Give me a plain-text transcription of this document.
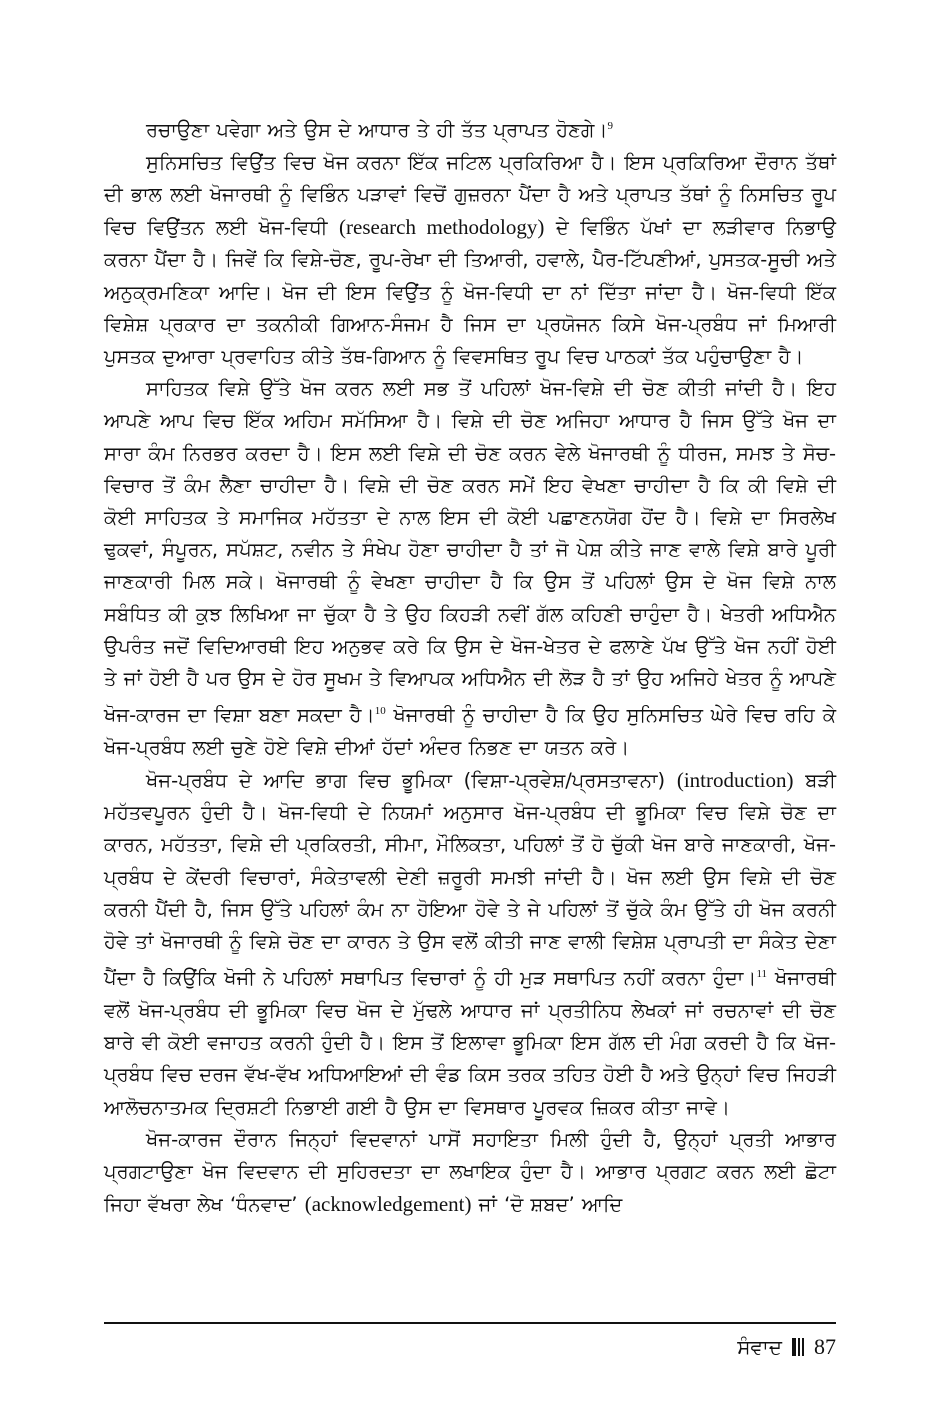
ਰਚਾਉਣਾ ਪਵੇਗਾ ਅਤੇ ਉਸ ਦੇ ਆਧਾਰ ਤੇ ਹੀ ਤੱਤ ਪ੍ਰਾਪਤ ਹੋਣਗੇ।$^9$

ਸੁਨਿਸਚਿਤ ਵਿਉਂਤ ਵਿਚ ਖੋਜ ਕਰਨਾ ਇੱਕ ਜਟਿਲ ਪ੍ਰਕਿਰਿਆ ਹੈ। ਇਸ ਪ੍ਰਕਿਰਿਆ ਦੌਰਾਨ ਤੱਥਾਂ ਦੀ ਭਾਲ ਲਈ ਖੋਜਾਰਥੀ ਨੂੰ ਵਿਭਿੰਨ ਪੜਾਵਾਂ ਵਿਚੋਂ ਗੁਜ਼ਰਨਾ ਪੈਂਦਾ ਹੈ ਅਤੇ ਪ੍ਰਾਪਤ ਤੱਥਾਂ ਨੂੰ ਨਿਸਚਿਤ ਰੂਪ ਵਿਚ ਵਿਉਂਤਨ ਲਈ ਖੋਜ-ਵਿਧੀ (research methodology) ਦੇ ਵਿਭਿੰਨ ਪੱਖਾਂ ਦਾ ਲੜੀਵਾਰ ਨਿਭਾਉ ਕਰਨਾ ਪੈਂਦਾ ਹੈ। ਜਿਵੇਂ ਕਿ ਵਿਸ਼ੇ-ਚੋਣ, ਰੂਪ-ਰੇਖਾ ਦੀ ਤਿਆਰੀ, ਹਵਾਲੇ, ਪੈਰ-ਟਿੱਪਣੀਆਂ, ਪੁਸਤਕ-ਸੂਚੀ ਅਤੇ ਅਨੁਕ੍ਰਮਣਿਕਾ ਆਦਿ। ਖੋਜ ਦੀ ਇਸ ਵਿਉਂਤ ਨੂੰ ਖੋਜ-ਵਿਧੀ ਦਾ ਨਾਂ ਦਿੱਤਾ ਜਾਂਦਾ ਹੈ। ਖੋਜ-ਵਿਧੀ ਇੱਕ ਵਿਸ਼ੇਸ਼ ਪ੍ਰਕਾਰ ਦਾ ਤਕਨੀਕੀ ਗਿਆਨ-ਸੰਜਮ ਹੈ ਜਿਸ ਦਾ ਪ੍ਰਯੋਜਨ ਕਿਸੇ ਖੋਜ-ਪ੍ਰਬੰਧ ਜਾਂ ਮਿਆਰੀ ਪੁਸਤਕ ਦੁਆਰਾ ਪ੍ਰਵਾਹਿਤ ਕੀਤੇ ਤੱਥ-ਗਿਆਨ ਨੂੰ ਵਿਵਸਥਿਤ ਰੂਪ ਵਿਚ ਪਾਠਕਾਂ ਤੱਕ ਪਹੁੰਚਾਉਣਾ ਹੈ।

ਸਾਹਿਤਕ ਵਿਸ਼ੇ ਉੱਤੇ ਖੋਜ ਕਰਨ ਲਈ ਸਭ ਤੋਂ ਪਹਿਲਾਂ ਖੋਜ-ਵਿਸ਼ੇ ਦੀ ਚੋਣ ਕੀਤੀ ਜਾਂਦੀ ਹੈ। ਇਹ ਆਪਣੇ ਆਪ ਵਿਚ ਇੱਕ ਅਹਿਮ ਸਮੱਸਿਆ ਹੈ। ਵਿਸ਼ੇ ਦੀ ਚੋਣ ਅਜਿਹਾ ਆਧਾਰ ਹੈ ਜਿਸ ਉੱਤੇ ਖੋਜ ਦਾ ਸਾਰਾ ਕੰਮ ਨਿਰਭਰ ਕਰਦਾ ਹੈ। ਇਸ ਲਈ ਵਿਸ਼ੇ ਦੀ ਚੋਣ ਕਰਨ ਵੇਲੇ ਖੋਜਾਰਥੀ ਨੂੰ ਧੀਰਜ, ਸਮਝ ਤੇ ਸੋਚ-ਵਿਚਾਰ ਤੋਂ ਕੰਮ ਲੈਣਾ ਚਾਹੀਦਾ ਹੈ। ਵਿਸ਼ੇ ਦੀ ਚੋਣ ਕਰਨ ਸਮੇਂ ਇਹ ਵੇਖਣਾ ਚਾਹੀਦਾ ਹੈ ਕਿ ਕੀ ਵਿਸ਼ੇ ਦੀ ਕੋਈ ਸਾਹਿਤਕ ਤੇ ਸਮਾਜਿਕ ਮਹੱਤਤਾ ਦੇ ਨਾਲ ਇਸ ਦੀ ਕੋਈ ਪਛਾਣਨਯੋਗ ਹੋਂਦ ਹੈ। ਵਿਸ਼ੇ ਦਾ ਸਿਰਲੇਖ ਢੁਕਵਾਂ, ਸੰਪੂਰਨ, ਸਪੱਸ਼ਟ, ਨਵੀਨ ਤੇ ਸੰਖੇਪ ਹੋਣਾ ਚਾਹੀਦਾ ਹੈ ਤਾਂ ਜੋ ਪੇਸ਼ ਕੀਤੇ ਜਾਣ ਵਾਲੇ ਵਿਸ਼ੇ ਬਾਰੇ ਪੂਰੀ ਜਾਣਕਾਰੀ ਮਿਲ ਸਕੇ। ਖੋਜਾਰਥੀ ਨੂੰ ਵੇਖਣਾ ਚਾਹੀਦਾ ਹੈ ਕਿ ਉਸ ਤੋਂ ਪਹਿਲਾਂ ਉਸ ਦੇ ਖੋਜ ਵਿਸ਼ੇ ਨਾਲ ਸਬੰਧਿਤ ਕੀ ਕੁਝ ਲਿਖਿਆ ਜਾ ਚੁੱਕਾ ਹੈ ਤੇ ਉਹ ਕਿਹੜੀ ਨਵੀਂ ਗੱਲ ਕਹਿਣੀ ਚਾਹੁੰਦਾ ਹੈ। ਖੇਤਰੀ ਅਧਿਐਨ ਉਪਰੰਤ ਜਦੋਂ ਵਿਦਿਆਰਥੀ ਇਹ ਅਨੁਭਵ ਕਰੇ ਕਿ ਉਸ ਦੇ ਖੋਜ-ਖੇਤਰ ਦੇ ਫਲਾਣੇ ਪੱਖ ਉੱਤੇ ਖੋਜ ਨਹੀਂ ਹੋਈ ਤੇ ਜਾਂ ਹੋਈ ਹੈ ਪਰ ਉਸ ਦੇ ਹੋਰ ਸੂਖਮ ਤੇ ਵਿਆਪਕ ਅਧਿਐਨ ਦੀ ਲੋੜ ਹੈ ਤਾਂ ਉਹ ਅਜਿਹੇ ਖੇਤਰ ਨੂੰ ਆਪਣੇ ਖੋਜ-ਕਾਰਜ ਦਾ ਵਿਸ਼ਾ ਬਣਾ ਸਕਦਾ ਹੈ।$^{10}$ ਖੋਜਾਰਥੀ ਨੂੰ ਚਾਹੀਦਾ ਹੈ ਕਿ ਉਹ ਸੁਨਿਸਚਿਤ ਘੇਰੇ ਵਿਚ ਰਹਿ ਕੇ ਖੋਜ-ਪ੍ਰਬੰਧ ਲਈ ਚੁਣੇ ਹੋਏ ਵਿਸ਼ੇ ਦੀਆਂ ਹੱਦਾਂ ਅੰਦਰ ਨਿਭਣ ਦਾ ਯਤਨ ਕਰੇ।

ਖੋਜ-ਪ੍ਰਬੰਧ ਦੇ ਆਦਿ ਭਾਗ ਵਿਚ ਭੂਮਿਕਾ (ਵਿਸ਼ਾ-ਪ੍ਰਵੇਸ਼/ਪ੍ਰਸਤਾਵਨਾ) (introduction) ਬੜੀ ਮਹੱਤਵਪੂਰਨ ਹੁੰਦੀ ਹੈ। ਖੋਜ-ਵਿਧੀ ਦੇ ਨਿਯਮਾਂ ਅਨੁਸਾਰ ਖੋਜ-ਪ੍ਰਬੰਧ ਦੀ ਭੂਮਿਕਾ ਵਿਚ ਵਿਸ਼ੇ ਚੋਣ ਦਾ ਕਾਰਨ, ਮਹੱਤਤਾ, ਵਿਸ਼ੇ ਦੀ ਪ੍ਰਕਿਰਤੀ, ਸੀਮਾ, ਮੌਲਿਕਤਾ, ਪਹਿਲਾਂ ਤੋਂ ਹੋ ਚੁੱਕੀ ਖੋਜ ਬਾਰੇ ਜਾਣਕਾਰੀ, ਖੋਜ-ਪ੍ਰਬੰਧ ਦੇ ਕੇਂਦਰੀ ਵਿਚਾਰਾਂ, ਸੰਕੇਤਾਵਲੀ ਦੇਣੀ ਜ਼ਰੂਰੀ ਸਮਝੀ ਜਾਂਦੀ ਹੈ। ਖੋਜ ਲਈ ਉਸ ਵਿਸ਼ੇ ਦੀ ਚੋਣ ਕਰਨੀ ਪੈਂਦੀ ਹੈ, ਜਿਸ ਉੱਤੇ ਪਹਿਲਾਂ ਕੰਮ ਨਾ ਹੋਇਆ ਹੋਵੇ ਤੇ ਜੇ ਪਹਿਲਾਂ ਤੋਂ ਚੁੱਕੇ ਕੰਮ ਉੱਤੇ ਹੀ ਖੋਜ ਕਰਨੀ ਹੋਵੇ ਤਾਂ ਖੋਜਾਰਥੀ ਨੂੰ ਵਿਸ਼ੇ ਚੋਣ ਦਾ ਕਾਰਨ ਤੇ ਉਸ ਵਲੋਂ ਕੀਤੀ ਜਾਣ ਵਾਲੀ ਵਿਸ਼ੇਸ਼ ਪ੍ਰਾਪਤੀ ਦਾ ਸੰਕੇਤ ਦੇਣਾ ਪੈਂਦਾ ਹੈ ਕਿਉਂਕਿ ਖੋਜੀ ਨੇ ਪਹਿਲਾਂ ਸਥਾਪਿਤ ਵਿਚਾਰਾਂ ਨੂੰ ਹੀ ਮੁੜ ਸਥਾਪਿਤ ਨਹੀਂ ਕਰਨਾ ਹੁੰਦਾ।$^{11}$ ਖੋਜਾਰਥੀ ਵਲੋਂ ਖੋਜ-ਪ੍ਰਬੰਧ ਦੀ ਭੂਮਿਕਾ ਵਿਚ ਖੋਜ ਦੇ ਮੁੱਢਲੇ ਆਧਾਰ ਜਾਂ ਪ੍ਰਤੀਨਿਧ ਲੇਖਕਾਂ ਜਾਂ ਰਚਨਾਵਾਂ ਦੀ ਚੋਣ ਬਾਰੇ ਵੀ ਕੋਈ ਵਜਾਹਤ ਕਰਨੀ ਹੁੰਦੀ ਹੈ। ਇਸ ਤੋਂ ਇਲਾਵਾ ਭੂਮਿਕਾ ਇਸ ਗੱਲ ਦੀ ਮੰਗ ਕਰਦੀ ਹੈ ਕਿ ਖੋਜ-ਪ੍ਰਬੰਧ ਵਿਚ ਦਰਜ ਵੱਖ-ਵੱਖ ਅਧਿਆਇਆਂ ਦੀ ਵੰਡ ਕਿਸ ਤਰਕ ਤਹਿਤ ਹੋਈ ਹੈ ਅਤੇ ਉਨ੍ਹਾਂ ਵਿਚ ਜਿਹੜੀ ਆਲੋਚਨਾਤਮਕ ਦ੍ਰਿਸ਼ਟੀ ਨਿਭਾਈ ਗਈ ਹੈ ਉਸ ਦਾ ਵਿਸਥਾਰ ਪੂਰਵਕ ਜ਼ਿਕਰ ਕੀਤਾ ਜਾਵੇ।

ਖੋਜ-ਕਾਰਜ ਦੌਰਾਨ ਜਿਨ੍ਹਾਂ ਵਿਦਵਾਨਾਂ ਪਾਸੋਂ ਸਹਾਇਤਾ ਮਿਲੀ ਹੁੰਦੀ ਹੈ, ਉਨ੍ਹਾਂ ਪ੍ਰਤੀ ਆਭਾਰ ਪ੍ਰਗਟਾਉਣਾ ਖੋਜ ਵਿਦਵਾਨ ਦੀ ਸੁਹਿਰਦਤਾ ਦਾ ਲਖਾਇਕ ਹੁੰਦਾ ਹੈ। ਆਭਾਰ ਪ੍ਰਗਟ ਕਰਨ ਲਈ ਛੋਟਾ ਜਿਹਾ ਵੱਖਰਾ ਲੇਖ ‘ਧੰਨਵਾਦ’ (acknowledgement) ਜਾਂ ‘ਦੋ ਸ਼ਬਦ’ ਆਦਿ

ਸੰਵਾਦ 87
